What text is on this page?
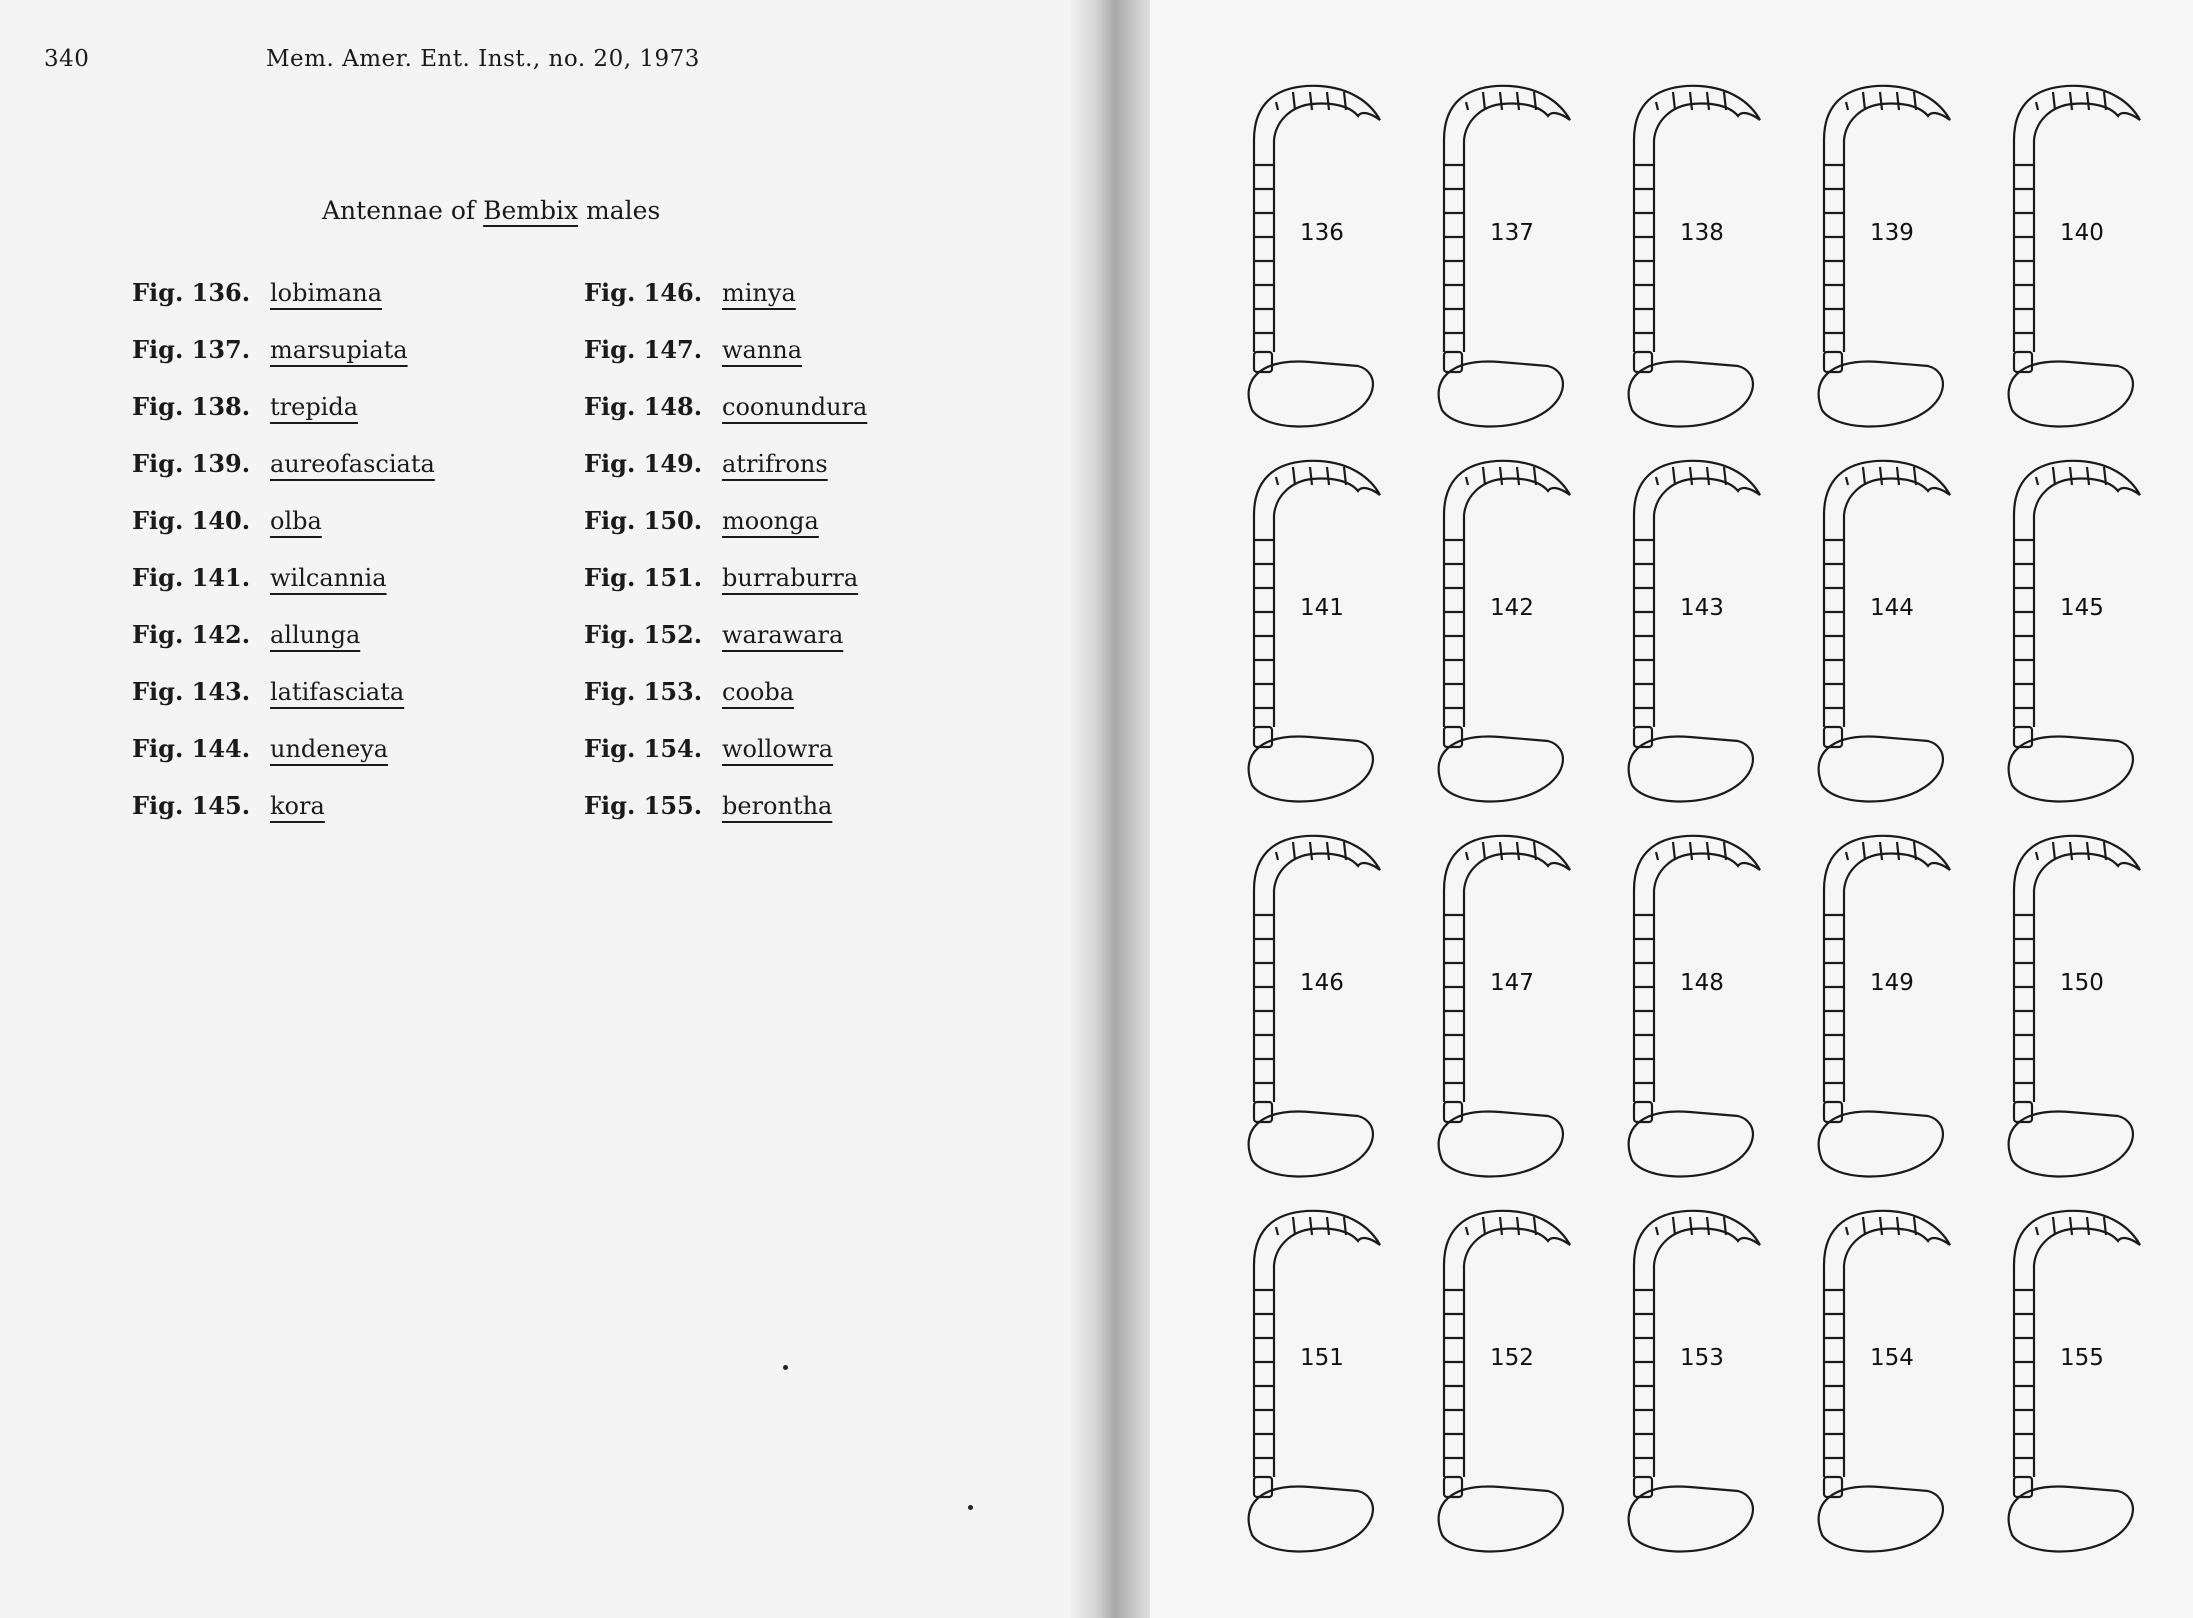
340	Mem. Amer. Ent. Inst., no. 20, 1973
Antennae of Bembix males
Fig. 136. lobimana
Fig. 137. marsupiata
Fig. 138. trepida
Fig. 139. aureofasciata
Fig. 140. olba
Fig. 141. wilcannia
Fig. 142. allunga
Fig. 143. latifasciata
Fig. 144. undeneya
Fig. 145. kora
Fig. 146. minya
Fig. 147. wanna
Fig. 148. coonundura
Fig. 149. atrifrons
Fig. 150. moonga
Fig. 151. burraburra
Fig. 152. warawara
Fig. 153. cooba
Fig. 154. wollowra
Fig. 155. berontha
136	137	138	139	140
141	142	143	144	145
146	147	148	149	150
151	152	153	154	155
